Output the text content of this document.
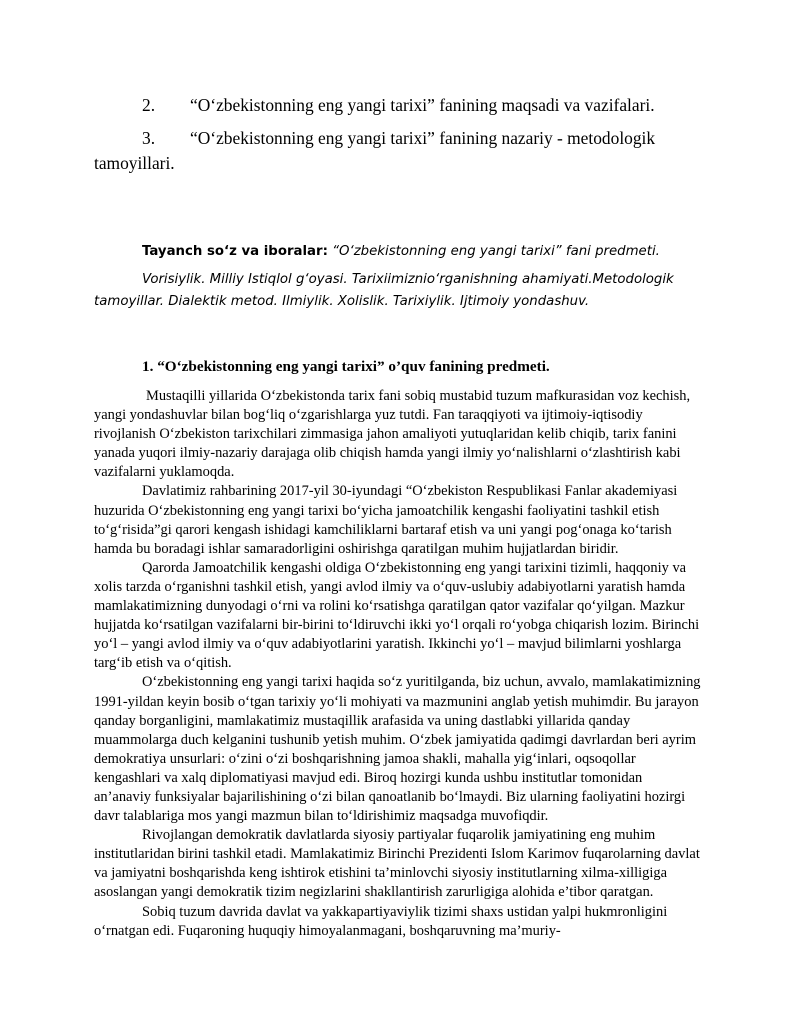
2. “O‘zbekistonning eng yangi tarixi” fanining maqsadi va vazifalari.
3. “O‘zbekistonning eng yangi tarixi” fanining nazariy - metodologik tamoyillari.
Tayanch so‘z va iboralar: “O‘zbekistonning eng yangi tarixi” fani predmeti.
Vorisiylik. Milliy Istiqlol g‘oyasi. Tarixiimiznio‘rganishning ahamiyati.Metodologik tamoyillar. Dialektik metod. Ilmiylik. Xolislik. Tarixiylik. Ijtimoiy yondashuv.
1. “O‘zbekistonning eng yangi tarixi” o’quv fanining predmeti.

Mustaqilli yillarida O‘zbekistonda tarix fani sobiq mustabid tuzum mafkurasidan voz kechish, yangi yondashuvlar bilan bog‘liq o‘zgarishlarga yuz tutdi. Fan taraqqiyoti va ijtimoiy-iqtisodiy rivojlanish O‘zbekiston tarixchilari zimmasiga jahon amaliyoti yutuqlaridan kelib chiqib, tarix fanini yanada yuqori ilmiy-nazariy darajaga olib chiqish hamda yangi ilmiy yo‘nalishlarni o‘zlashtirish kabi vazifalarni yuklamoqda.

Davlatimiz rahbarining 2017-yil 30-iyundagi “O‘zbekiston Respublikasi Fanlar akademiyasi huzurida O‘zbekistonning eng yangi tarixi bo‘yicha jamoatchilik kengashi faoliyatini tashkil etish to‘g‘risida”gi qarori kengash ishidagi kamchiliklarni bartaraf etish va uni yangi pog‘onaga ko‘tarish hamda bu boradagi ishlar samaradorligini oshirishga qaratilgan muhim hujjatlardan biridir.

Qarorda Jamoatchilik kengashi oldiga O‘zbekistonning eng yangi tarixini tizimli, haqqoniy va xolis tarzda o‘rganishni tashkil etish, yangi avlod ilmiy va o‘quv-uslubiy adabiyotlarni yaratish hamda mamlakatimizning dunyodagi o‘rni va rolini ko‘rsatishga qaratilgan qator vazifalar qo‘yilgan. Mazkur hujjatda ko‘rsatilgan vazifalarni bir-birini to‘ldiruvchi ikki yo‘l orqali ro‘yobga chiqarish lozim. Birinchi yo‘l – yangi avlod ilmiy va o‘quv adabiyotlarini yaratish. Ikkinchi yo‘l – mavjud bilimlarni yoshlarga targ‘ib etish va o‘qitish.

O‘zbekistonning eng yangi tarixi haqida so‘z yuritilganda, biz uchun, avvalo, mamlakatimizning 1991-yildan keyin bosib o‘tgan tarixiy yo‘li mohiyati va mazmunini anglab yetish muhimdir. Bu jarayon qanday borganligini, mamlakatimiz mustaqillik arafasida va uning dastlabki yillarida qanday muammolarga duch kelganini tushunib yetish muhim. O‘zbek jamiyatida qadimgi davrlardan beri ayrim demokratiya unsurlari: o‘zini o‘zi boshqarishning jamoa shakli, mahalla yig‘inlari, oqsoqollar kengashlari va xalq diplomatiyasi mavjud edi. Biroq hozirgi kunda ushbu institutlar tomonidan an’anaviy funksiyalar bajarilishining o‘zi bilan qanoatlanib bo‘lmaydi. Biz ularning faoliyatini hozirgi davr talablariga mos yangi mazmun bilan to‘ldirishimiz maqsadga muvofiqdir.

Rivojlangan demokratik davlatlarda siyosiy partiyalar fuqarolik jamiyatining eng muhim institutlaridan birini tashkil etadi. Mamlakatimiz Birinchi Prezidenti Islom Karimov fuqarolarning davlat va jamiyatni boshqarishda keng ishtirok etishini ta’minlovchi siyosiy institutlarning xilma-xilligiga asoslangan yangi demokratik tizim negizlarini shakllantirish zarurligiga alohida e’tibor qaratgan.

Sobiq tuzum davrida davlat va yakkapartiyaviylik tizimi shaxs ustidan yalpi hukmronligini o‘rnatgan edi. Fuqaroning huquqiy himoyalanmagani, boshqaruvning ma’muriy-
